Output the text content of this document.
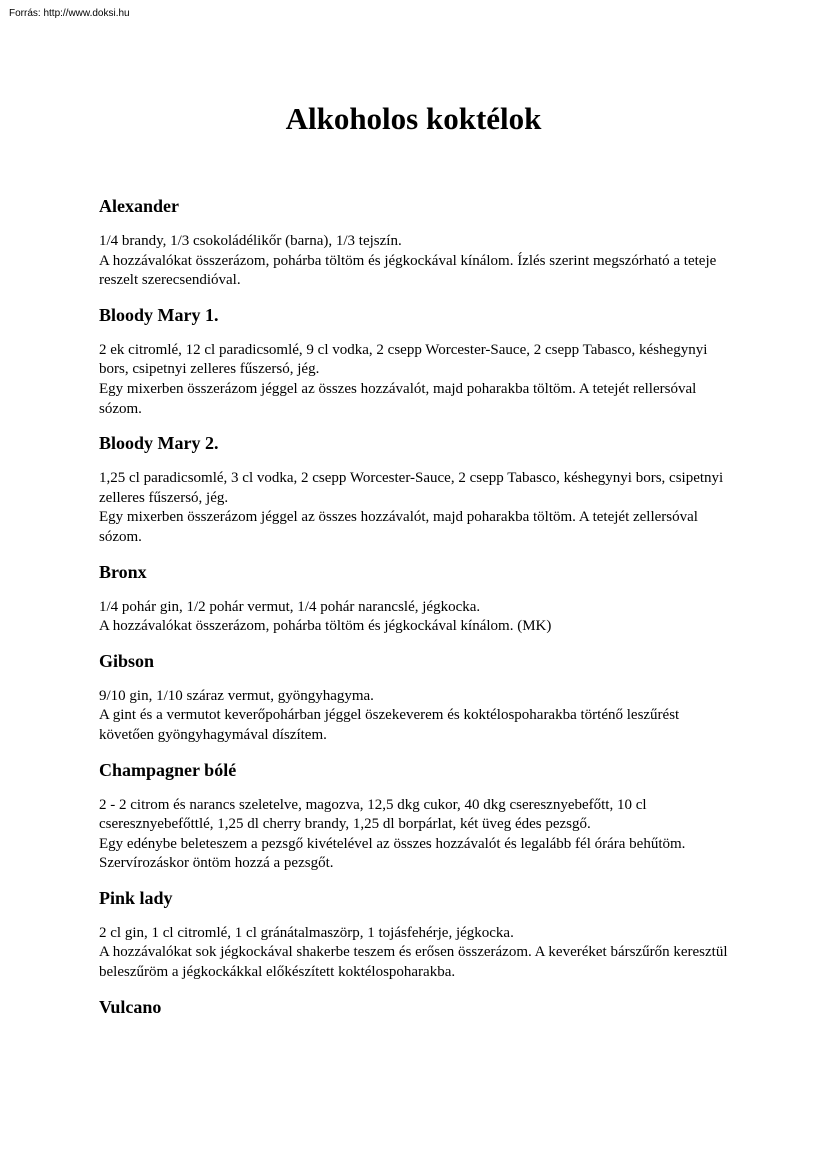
Forrás: http://www.doksi.hu
Alkoholos koktélok
Alexander

1/4 brandy, 1/3 csokoládélikőr (barna), 1/3 tejszín.

A hozzávalókat összerázom, pohárba töltöm és jégkockával kínálom. Ízlés szerint megszórható a teteje reszelt szerecsendióval.

Bloody Mary 1.

2 ek citromlé, 12 cl paradicsomlé, 9 cl vodka, 2 csepp Worcester-Sauce, 2 csepp Tabasco, késhegynyi bors, csipetnyi zelleres fűszersó, jég.

Egy mixerben összerázom jéggel az összes hozzávalót, majd poharakba töltöm. A tetejét rellersóval sózom.

Bloody Mary 2.

1,25 cl paradicsomlé, 3 cl vodka, 2 csepp Worcester-Sauce, 2 csepp Tabasco, késhegynyi bors, csipetnyi zelleres fűszersó, jég.

Egy mixerben összerázom jéggel az összes hozzávalót, majd poharakba töltöm. A tetejét zellersóval sózom.

Bronx

1/4 pohár gin, 1/2 pohár vermut, 1/4 pohár narancslé, jégkocka.

A hozzávalókat összerázom, pohárba töltöm és jégkockával kínálom. (MK)

Gibson

9/10 gin, 1/10 száraz vermut, gyöngyhagyma.

A gint és a vermutot keverőpohárban jéggel öszekeverem és koktélospoharakba történő leszűrést követően gyöngyhagymával díszítem.

Champagner bólé

2 - 2 citrom és narancs szeletelve, magozva, 12,5 dkg cukor, 40 dkg cseresznyebefőtt, 10 cl cseresznyebefőttlé, 1,25 dl cherry brandy, 1,25 dl borpárlat, két üveg édes pezsgő.

Egy edénybe beleteszem a pezsgő kivételével az összes hozzávalót és legalább fél órára behűtöm. Szervírozáskor öntöm hozzá a pezsgőt.

Pink lady

2 cl gin, 1 cl citromlé, 1 cl gránátalmaszörp, 1 tojásfehérje, jégkocka.

A hozzávalókat sok jégkockával shakerbe teszem és erősen összerázom. A keveréket bárszűrőn keresztül beleszűröm a jégkockákkal előkészített koktélospoharakba.

Vulcano
